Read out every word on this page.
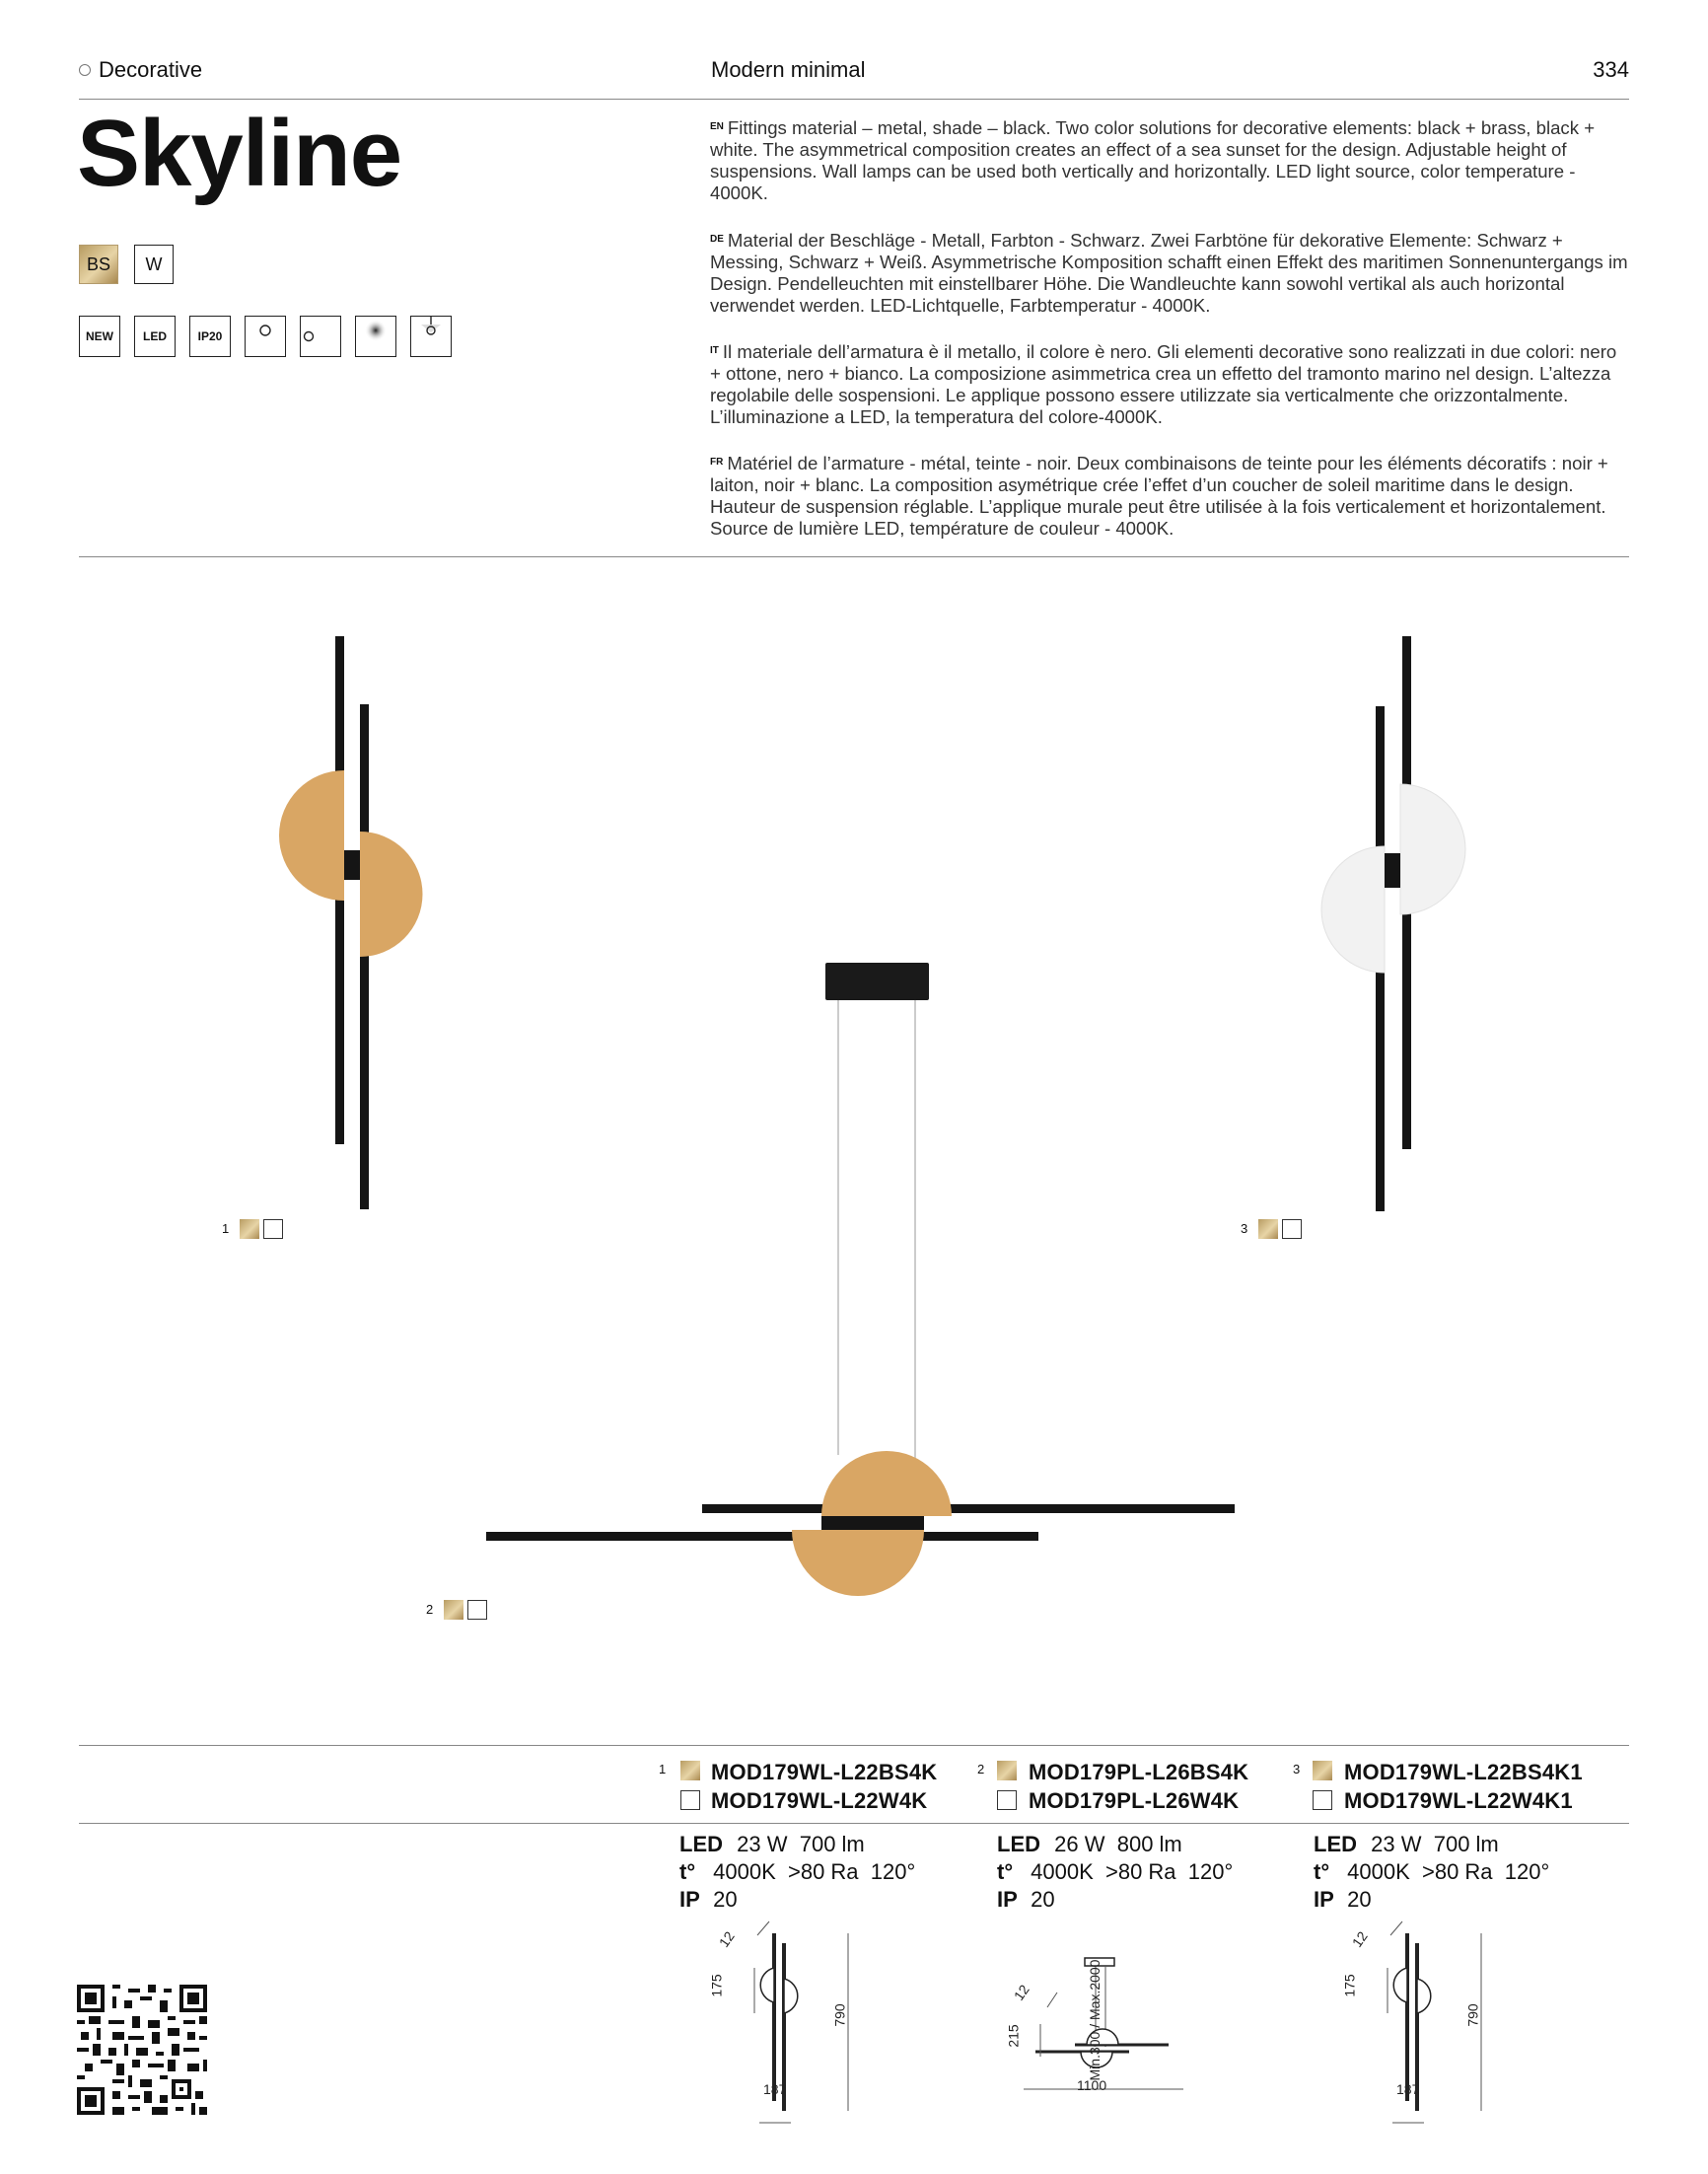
Decorative	Modern minimal	334
Skyline
BS	W
NEW	LED	IP20
$^{EN}$ Fittings material – metal, shade – black. Two color solutions for decorative elements: black + brass, black + white. The asymmetrical composition creates an effect of a sea sunset for the design. Adjustable height of suspensions. Wall lamps can be used both vertically and horizontally. LED light source, color temperature - 4000K.
$^{DE}$ Material der Beschläge - Metall, Farbton - Schwarz. Zwei Farbtöne für dekorative Elemente: Schwarz + Messing, Schwarz + Weiß. Asymmetrische Komposition schafft einen Effekt des maritimen Sonnenuntergangs im Design. Pendelleuchten mit einstellbarer Höhe. Die Wandleuchte kann sowohl vertikal als auch horizontal verwendet werden. LED-Lichtquelle, Farbtemperatur - 4000K.
$^{IT}$ Il materiale dell’armatura è il metallo, il colore è nero. Gli elementi decorative sono realizzati in due colori: nero + ottone, nero + bianco. La composizione asimmetrica crea un effetto del tramonto marino nel design. L’altezza regolabile delle sospensioni. Le applique possono essere utilizzate sia verticalmente che orizzontalmente. L’illuminazione a LED, la temperatura del colore-4000K.
$^{FR}$ Matériel de l’armature - métal, teinte - noir. Deux combinaisons de teinte pour les éléments décoratifs : noir + laiton, noir + blanc. La composition asymétrique crée l’effet d’un coucher de soleil maritime dans le design. Hauteur de suspension réglable. L’applique murale peut être utilisée à la fois verticalement et horizontalement. Source de lumière LED, température de couleur - 4000K.
1	3
2
1 MOD179WL-L22BS4K
MOD179WL-L22W4K
2 MOD179PL-L26BS4K
MOD179PL-L26W4K
3 MOD179WL-L22BS4K1
MOD179WL-L22W4K1
LED 23 W 700 lm
t° 4000K >80 Ra 120°
IP 20
LED 26 W 800 lm
t° 4000K >80 Ra 120°
IP 20
LED 23 W 700 lm
t° 4000K >80 Ra 120°
IP 20
12
175
790
187
12
215	Min.300 / Max.2000
1100
12
175
790
187
